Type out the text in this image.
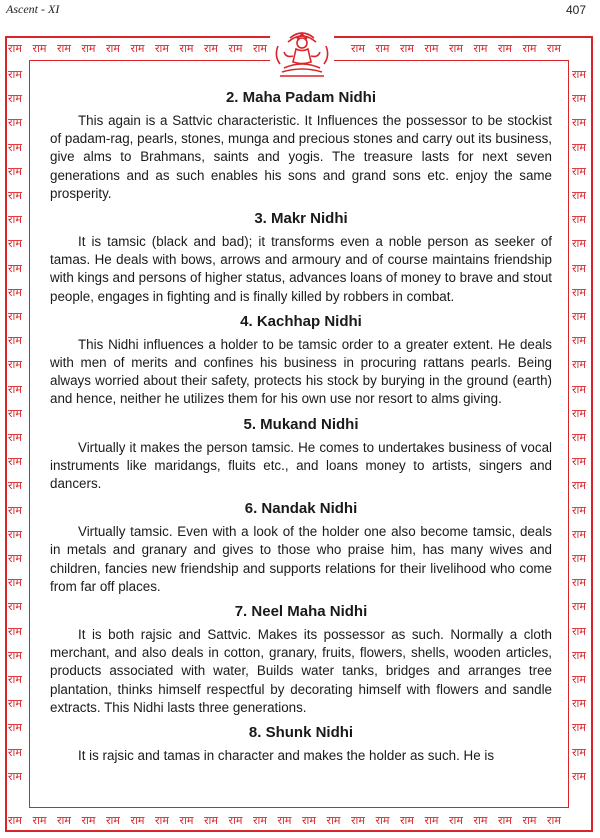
Ascent - XI	407
राम राम राम राम राम राम राम राम राम राम राम	राम राम राम राम राम राम राम राम राम
राम राम राम राम राम राम राम राम राम राम राम राम राम राम राम राम राम राम राम राम राम राम राम
राम	राम
राम	राम
राम	राम
राम	राम
राम	राम
राम	राम
राम	राम
राम	राम
राम	राम
राम	राम
राम	राम
राम	राम
राम	राम
राम	राम
राम	राम
राम	राम
राम	राम
राम	राम
राम	राम
राम	राम
राम	राम
राम	राम
राम	राम
राम	राम
राम	राम
राम	राम
राम	राम
राम	राम
राम	राम
राम	राम
2. Maha Padam Nidhi

This again is a Sattvic characteristic. It Influences the possessor to be stockist of padam-rag, pearls, stones, munga and precious stones and carry out its business, give alms to Brahmans, saints and yogis. The treasure lasts for next seven generations and as such enables his sons and grand sons etc. enjoy the same prosperity.

3. Makr Nidhi

It is tamsic (black and bad); it transforms even a noble person as seeker of tamas. He deals with bows, arrows and armoury and of course maintains friendship with kings and persons of higher status, advances loans of money to brave and stout people, engages in fighting and is finally killed by robbers in combat.

4. Kachhap Nidhi

This Nidhi influences a holder to be tamsic order to a greater extent. He deals with men of merits and confines his business in procuring rattans pearls. Being always worried about their safety, protects his stock by burying in the ground (earth) and hence, neither he utilizes them for his own use nor resort to alms giving.

5. Mukand Nidhi

Virtually it makes the person tamsic. He comes to undertakes business of vocal instruments like maridangs, fluits etc., and loans money to artists, singers and dancers.

6. Nandak Nidhi

Virtually tamsic. Even with a look of the holder one also become tamsic, deals in metals and granary and gives to those who praise him, has many wives and children, fancies new friendship and supports relations for their livelihood who come from far off places.

7. Neel Maha Nidhi

It is both rajsic and Sattvic. Makes its possessor as such. Normally a cloth merchant, and also deals in cotton, granary, fruits, flowers, shells, wooden articles, products associated with water, Builds water tanks, bridges and arranges tree plantation, thinks himself respectful by decorating himself with flowers and sandle extracts. This Nidhi lasts three generations.

8. Shunk Nidhi

It is rajsic and tamas in character and makes the holder as such. He is
